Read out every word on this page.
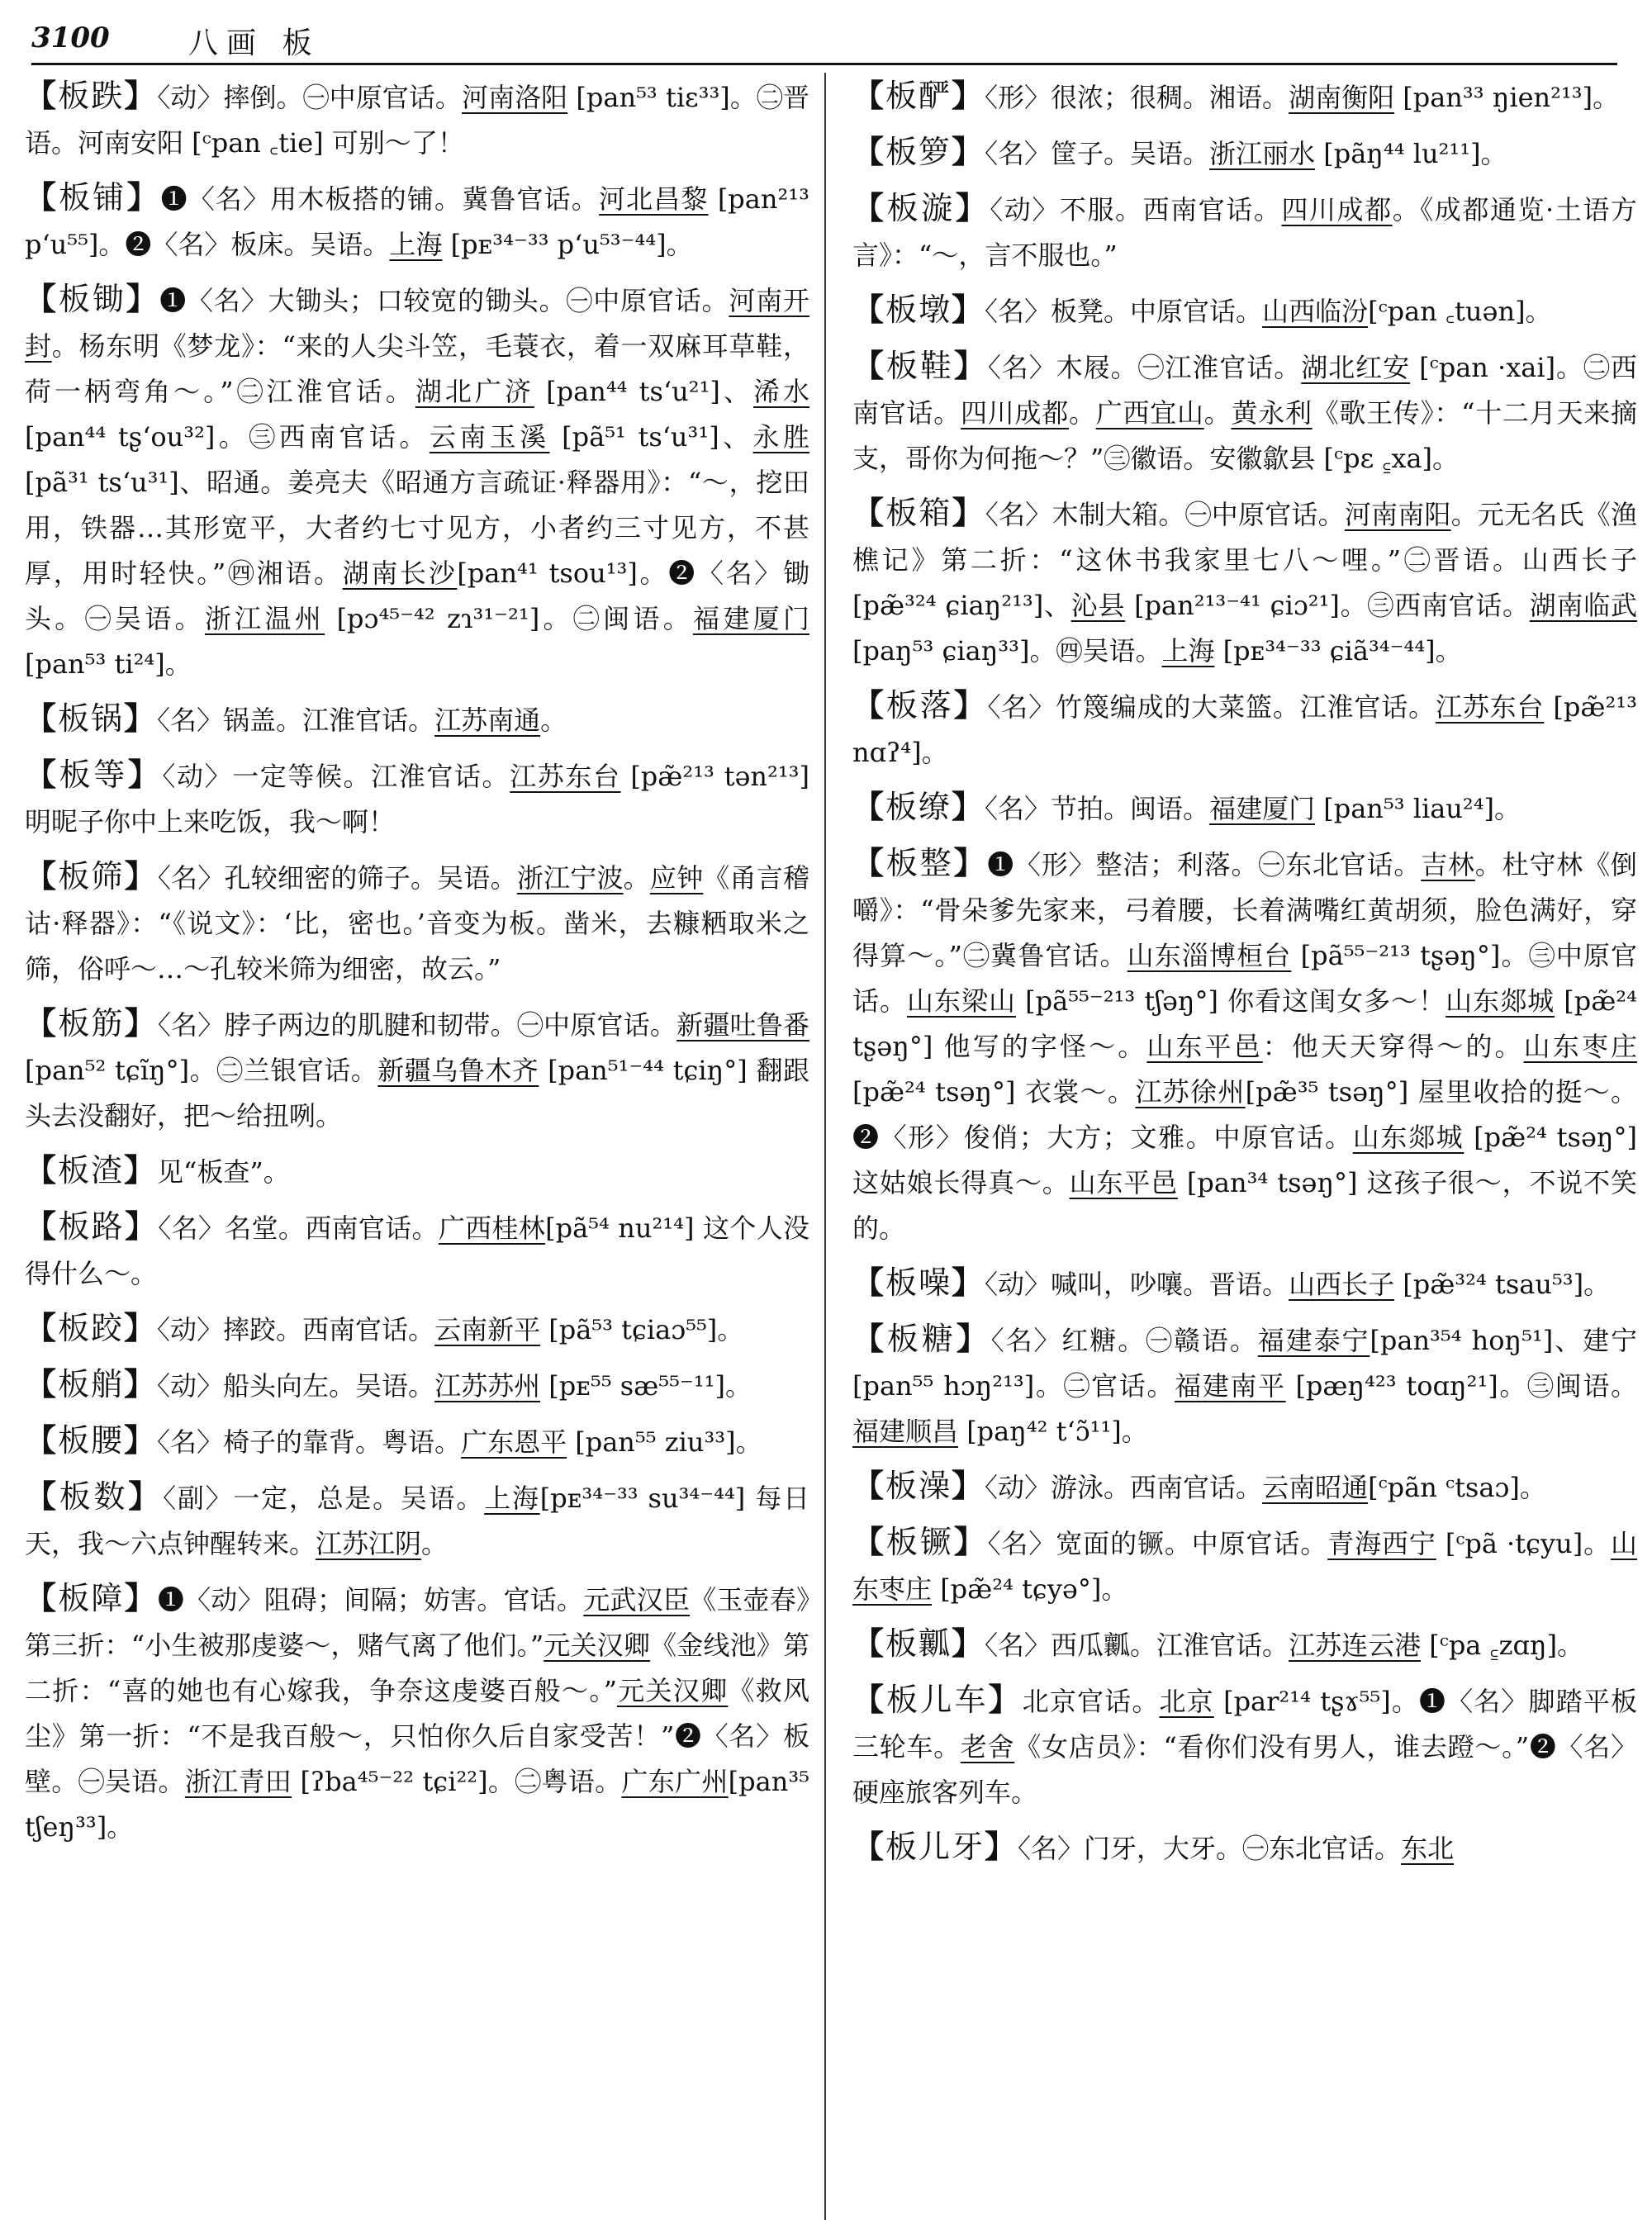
3100	八画 板
【板跌】〈动〉摔倒。㊀中原官话。河南洛阳 [pan⁵³ tiɛ³³]。㊁晋语。河南安阳 [ᶜpan ꜀tie] 可别～了！
【板铺】❶〈名〉用木板搭的铺。冀鲁官话。河北昌黎 [pan²¹³ pʻu⁵⁵]。❷〈名〉板床。吴语。上海 [pᴇ³⁴⁻³³ pʻu⁵³⁻⁴⁴]。
【板锄】❶〈名〉大锄头；口较宽的锄头。㊀中原官话。河南开封。杨东明《梦龙》：“来的人尖斗笠，毛蓑衣，着一双麻耳草鞋，荷一柄弯角～。”㊁江淮官话。湖北广济 [pan⁴⁴ tsʻu²¹]、浠水 [pan⁴⁴ tʂʻou³²]。㊂西南官话。云南玉溪 [pã⁵¹ tsʻu³¹]、永胜 [pã³¹ tsʻu³¹]、昭通。姜亮夫《昭通方言疏证·释器用》：“～，挖田用，铁器…其形宽平，大者约七寸见方，小者约三寸见方，不甚厚，用时轻快。”㊃湘语。湖南长沙[pan⁴¹ tsou¹³]。❷〈名〉锄头。㊀吴语。浙江温州 [pɔ⁴⁵⁻⁴² zɿ³¹⁻²¹]。㊁闽语。福建厦门 [pan⁵³ ti²⁴]。
【板锅】〈名〉锅盖。江淮官话。江苏南通。
【板等】〈动〉一定等候。江淮官话。江苏东台 [pæ̃²¹³ tən²¹³] 明昵子你中上来吃饭，我～啊！
【板筛】〈名〉孔较细密的筛子。吴语。浙江宁波。应钟《甬言稽诂·释器》：“《说文》：‘比，密也。’音变为板。凿米，去糠粞取米之筛，俗呼～…～孔较米筛为细密，故云。”
【板筋】〈名〉脖子两边的肌腱和韧带。㊀中原官话。新疆吐鲁番 [pan⁵² tɕĩŋ°]。㊁兰银官话。新疆乌鲁木齐 [pan⁵¹⁻⁴⁴ tɕiŋ°] 翻跟头去没翻好，把～给扭咧。
【板渣】见“板查”。
【板路】〈名〉名堂。西南官话。广西桂林[pã⁵⁴ nu²¹⁴] 这个人没得什么～。
【板跤】〈动〉摔跤。西南官话。云南新平 [pã⁵³ tɕiaɔ⁵⁵]。
【板艄】〈动〉船头向左。吴语。江苏苏州 [pᴇ⁵⁵ sæ⁵⁵⁻¹¹]。
【板腰】〈名〉椅子的靠背。粤语。广东恩平 [pan⁵⁵ ziu³³]。
【板数】〈副〉一定，总是。吴语。上海[pᴇ³⁴⁻³³ su³⁴⁻⁴⁴] 每日天，我～六点钟醒转来。江苏江阴。
【板障】❶〈动〉阻碍；间隔；妨害。官话。元武汉臣《玉壶春》第三折：“小生被那虔婆～，赌气离了他们。”元关汉卿《金线池》第二折：“喜的她也有心嫁我，争奈这虔婆百般～。”元关汉卿《救风尘》第一折：“不是我百般～，只怕你久后自家受苦！”❷〈名〉板壁。㊀吴语。浙江青田 [ʔba⁴⁵⁻²² tɕi²²]。㊁粤语。广东广州[pan³⁵ tʃeŋ³³]。
【板酽】〈形〉很浓；很稠。湘语。湖南衡阳 [pan³³ ŋien²¹³]。
【板箩】〈名〉筐子。吴语。浙江丽水 [pãŋ⁴⁴ lu²¹¹]。
【板漩】〈动〉不服。西南官话。四川成都。《成都通览·土语方言》：“～，言不服也。”
【板墩】〈名〉板凳。中原官话。山西临汾[ᶜpan ꜀tuən]。
【板鞋】〈名〉木屐。㊀江淮官话。湖北红安 [ᶜpan ·xai]。㊁西南官话。四川成都。广西宜山。黄永利《歌王传》：“十二月天来摘支，哥你为何拖～？”㊂徽语。安徽歙县 [ᶜpɛ ꜁xa]。
【板箱】〈名〉木制大箱。㊀中原官话。河南南阳。元无名氏《渔樵记》第二折：“这休书我家里七八～哩。”㊁晋语。山西长子 [pæ̃³²⁴ ɕiaŋ²¹³]、沁县 [pan²¹³⁻⁴¹ ɕiɔ²¹]。㊂西南官话。湖南临武 [paŋ⁵³ ɕiaŋ³³]。㊃吴语。上海 [pᴇ³⁴⁻³³ ɕiã³⁴⁻⁴⁴]。
【板落】〈名〉竹篾编成的大菜篮。江淮官话。江苏东台 [pæ̃²¹³ nɑʔ⁴]。
【板缭】〈名〉节拍。闽语。福建厦门 [pan⁵³ liau²⁴]。
【板整】❶〈形〉整洁；利落。㊀东北官话。吉林。杜守林《倒嚼》：“骨朵爹先家来，弓着腰，长着满嘴红黄胡须，脸色满好，穿得算～。”㊁冀鲁官话。山东淄博桓台 [pã⁵⁵⁻²¹³ tʂəŋ°]。㊂中原官话。山东梁山 [pã⁵⁵⁻²¹³ tʃəŋ°] 你看这闺女多～！山东郯城 [pæ̃²⁴ tʂəŋ°] 他写的字怪～。山东平邑：他天天穿得～的。山东枣庄[pæ̃²⁴ tsəŋ°] 衣裳～。江苏徐州[pæ̃³⁵ tsəŋ°] 屋里收拾的挺～。❷〈形〉俊俏；大方；文雅。中原官话。山东郯城 [pæ̃²⁴ tsəŋ°] 这姑娘长得真～。山东平邑 [pan³⁴ tsəŋ°] 这孩子很～，不说不笑的。
【板噪】〈动〉喊叫，吵嚷。晋语。山西长子 [pæ̃³²⁴ tsau⁵³]。
【板糖】〈名〉红糖。㊀赣语。福建泰宁[pan³⁵⁴ hoŋ⁵¹]、建宁 [pan⁵⁵ hɔŋ²¹³]。㊁官话。福建南平 [pæŋ⁴²³ toɑŋ²¹]。㊂闽语。福建顺昌 [paŋ⁴² tʻɔ̃¹¹]。
【板澡】〈动〉游泳。西南官话。云南昭通[ᶜpãn ᶜtsaɔ]。
【板镢】〈名〉宽面的镢。中原官话。青海西宁 [ᶜpã ·tɕyu]。山东枣庄 [pæ̃²⁴ tɕyə°]。
【板瓤】〈名〉西瓜瓤。江淮官话。江苏连云港 [ᶜpa ꜁zɑŋ]。
【板儿车】北京官话。北京 [par²¹⁴ tʂɤ⁵⁵]。❶〈名〉脚踏平板三轮车。老舍《女店员》：“看你们没有男人，谁去蹬～。”❷〈名〉硬座旅客列车。
【板儿牙】〈名〉门牙，大牙。㊀东北官话。东北
